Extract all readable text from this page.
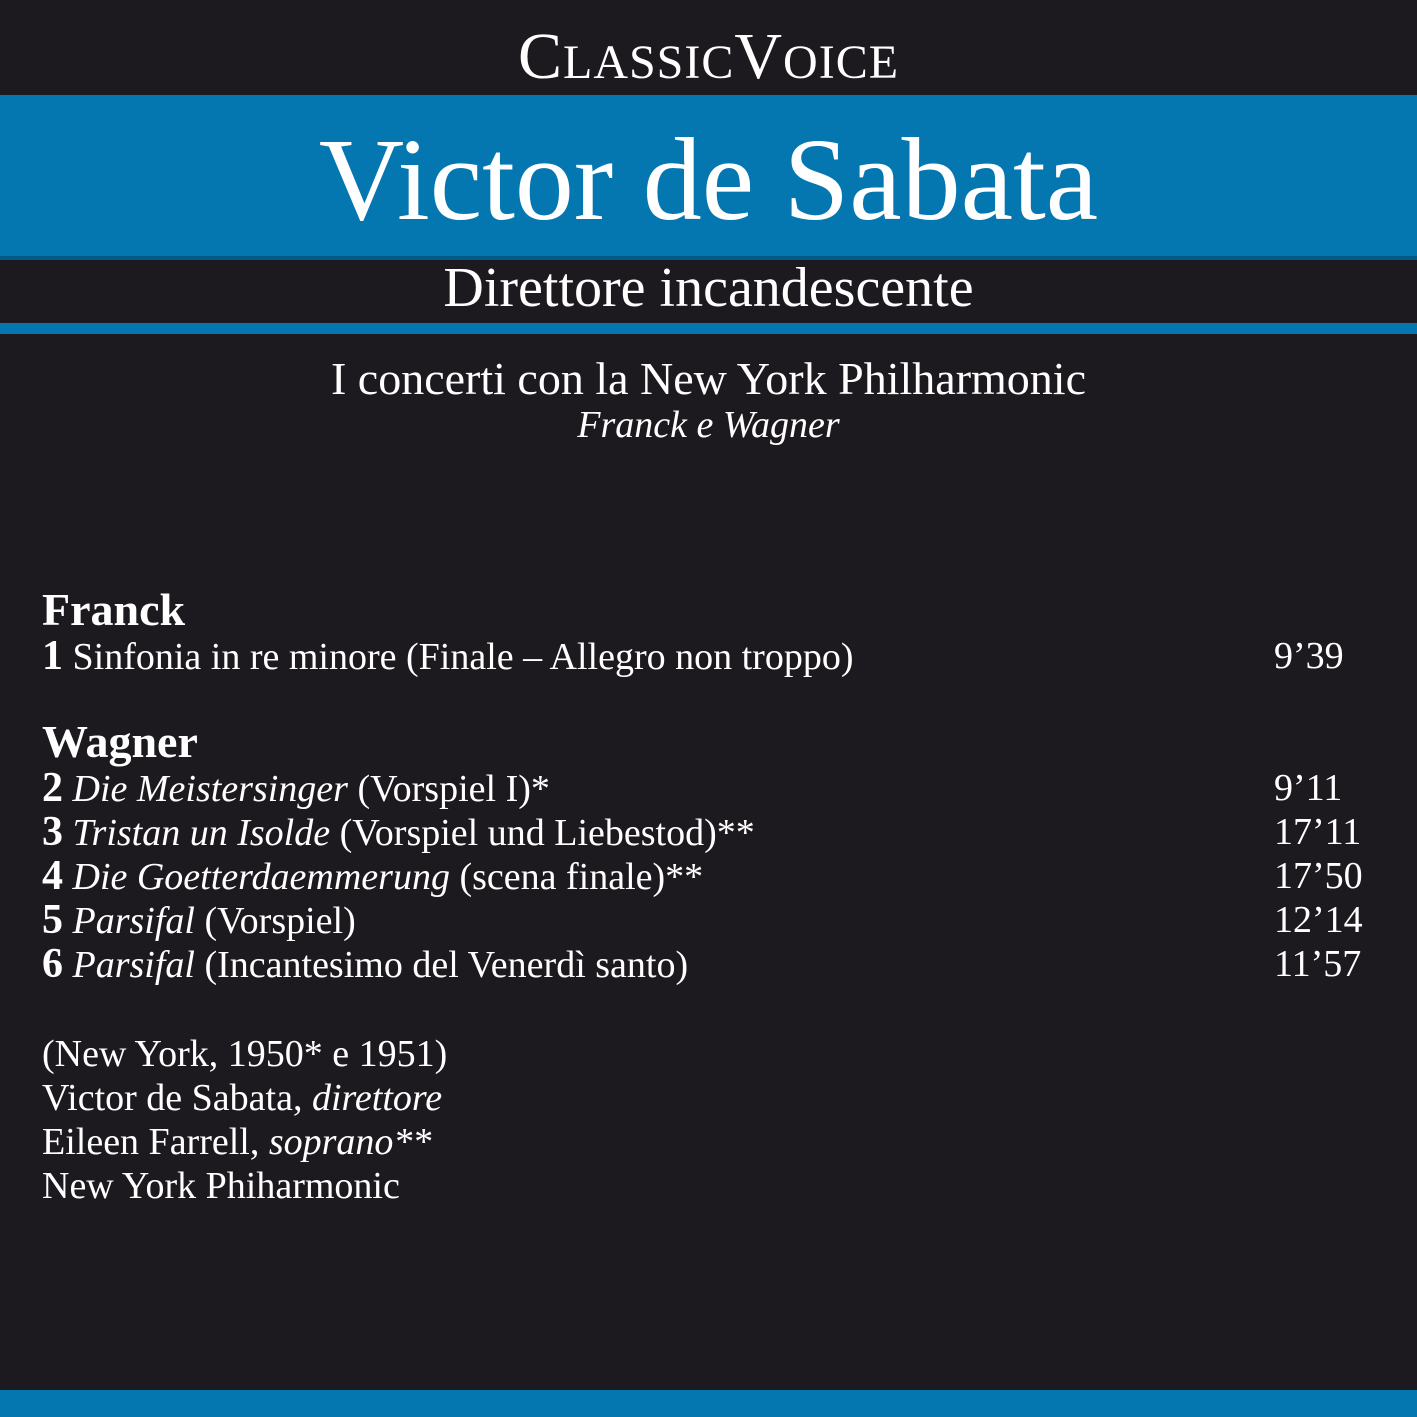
CLASSICVOICE
Victor de Sabata
Direttore incandescente
I concerti con la New York Philharmonic
Franck e Wagner
Franck
1 Sinfonia in re minore (Finale – Allegro non troppo)	9’39
Wagner
2 Die Meistersinger (Vorspiel I)*	9’11
3 Tristan un Isolde (Vorspiel und Liebestod)**	17’11
4 Die Goetterdaemmerung (scena finale)**	17’50
5 Parsifal (Vorspiel)	12’14
6 Parsifal (Incantesimo del Venerdì santo)	11’57
(New York, 1950* e 1951)
Victor de Sabata, direttore
Eileen Farrell, soprano**
New York Phiharmonic
